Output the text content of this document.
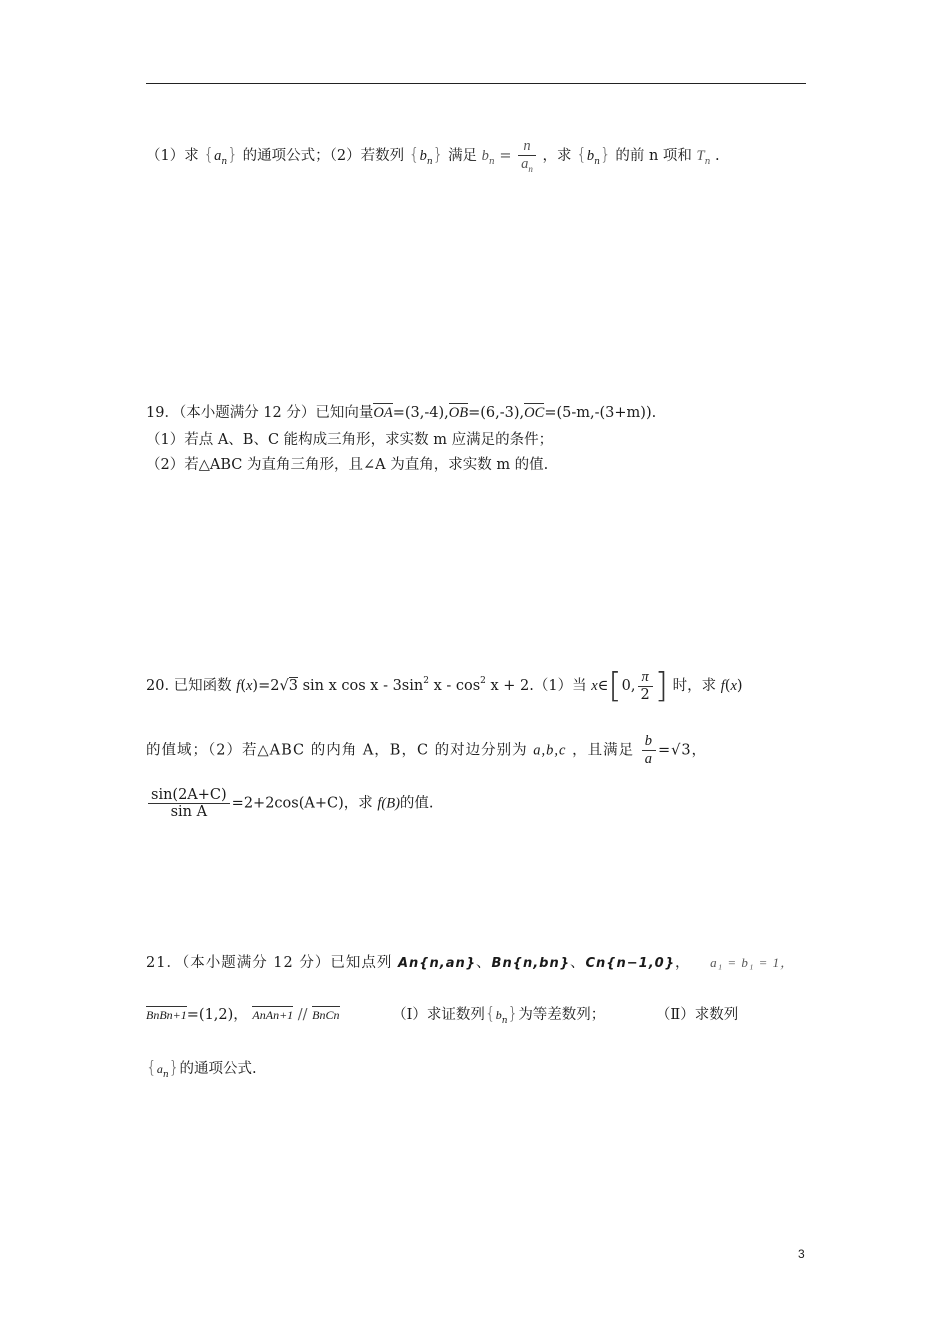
（1）求 $\{a_n\}$ 的通项公式；（2）若数列 $\{b_n\}$ 满足 $b_n = \frac{n}{a_n}$ ，求 $\{b_n\}$ 的前 n 项和 $T_n$ .
19．（本小题满分 12 分）已知向量OA=(3,-4),OB=(6,-3),OC=(5-m,-(3+m)).
（1）若点 A、B、C 能构成三角形，求实数 m 应满足的条件；
（2）若△ABC 为直角三角形，且∠A 为直角，求实数 m 的值.
20. 已知函数 f(x)=2√3 sin x cos x - $3\sin^2$ $x - \cos^2 x + 2.(1)$当 x∈[0, $\frac{\pi}{2}$ ] 时，求 f(x)
的值域；（2）若△ABC 的内角 A，B，C 的对边分别为 a,b,c ，且满足 $\frac{b}{a} =√3$，
$\frac{\sin(2A+C)}{\text{sin A}} =2+2\cos(A+C)$，求 f(B)的值.
21．（本小题满分 12 分）已知点列 An{n,an}、Bn{n,bn}、Cn{n−1,0}， a₁ = b₁ = 1，
BnBn+1=(1,2)， AnAn+1 // BnCn	（Ⅰ）求证数列$\{b_n\}$为等差数列；	（Ⅱ）求数列
$\{a_n\}$的通项公式.
3
